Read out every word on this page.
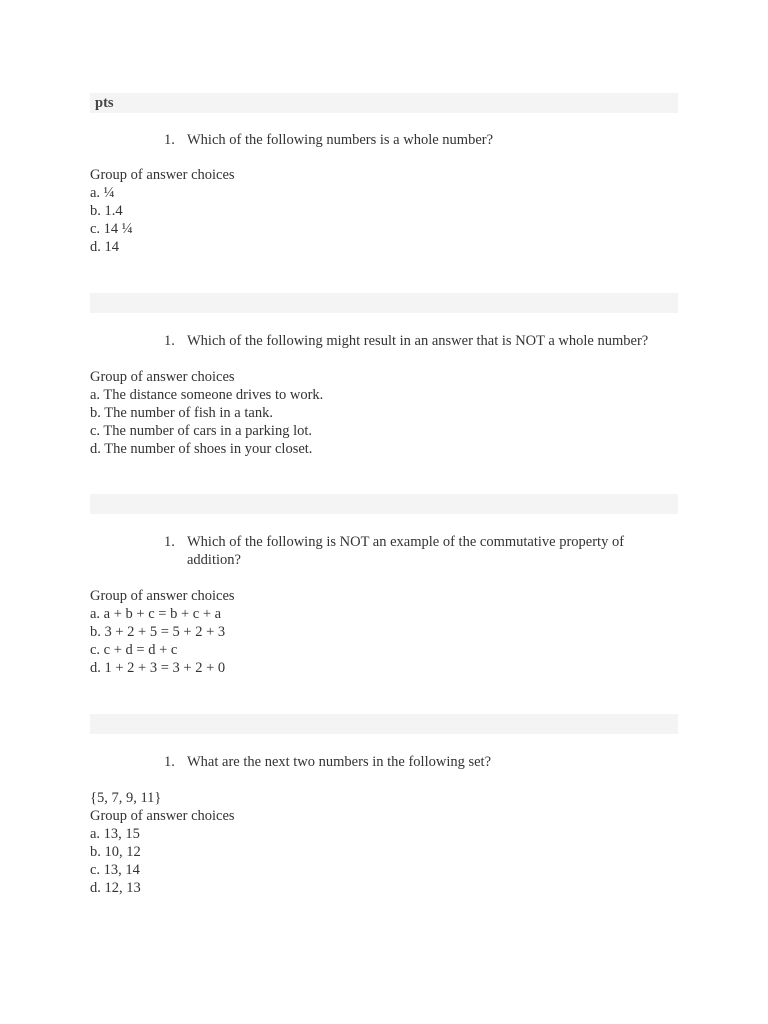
pts
1. Which of the following numbers is a whole number?
Group of answer choices
a. ¼
b. 1.4
c. 14 ¼
d. 14
1. Which of the following might result in an answer that is NOT a whole number?
Group of answer choices
a. The distance someone drives to work.
b. The number of fish in a tank.
c. The number of cars in a parking lot.
d. The number of shoes in your closet.
1. Which of the following is NOT an example of the commutative property of addition?
Group of answer choices
a. a + b + c = b + c + a
b. 3 + 2 + 5 = 5 + 2 + 3
c. c + d = d + c
d. 1 + 2 + 3 = 3 + 2 + 0
1. What are the next two numbers in the following set?
{5, 7, 9, 11}
Group of answer choices
a. 13, 15
b. 10, 12
c. 13, 14
d. 12, 13
